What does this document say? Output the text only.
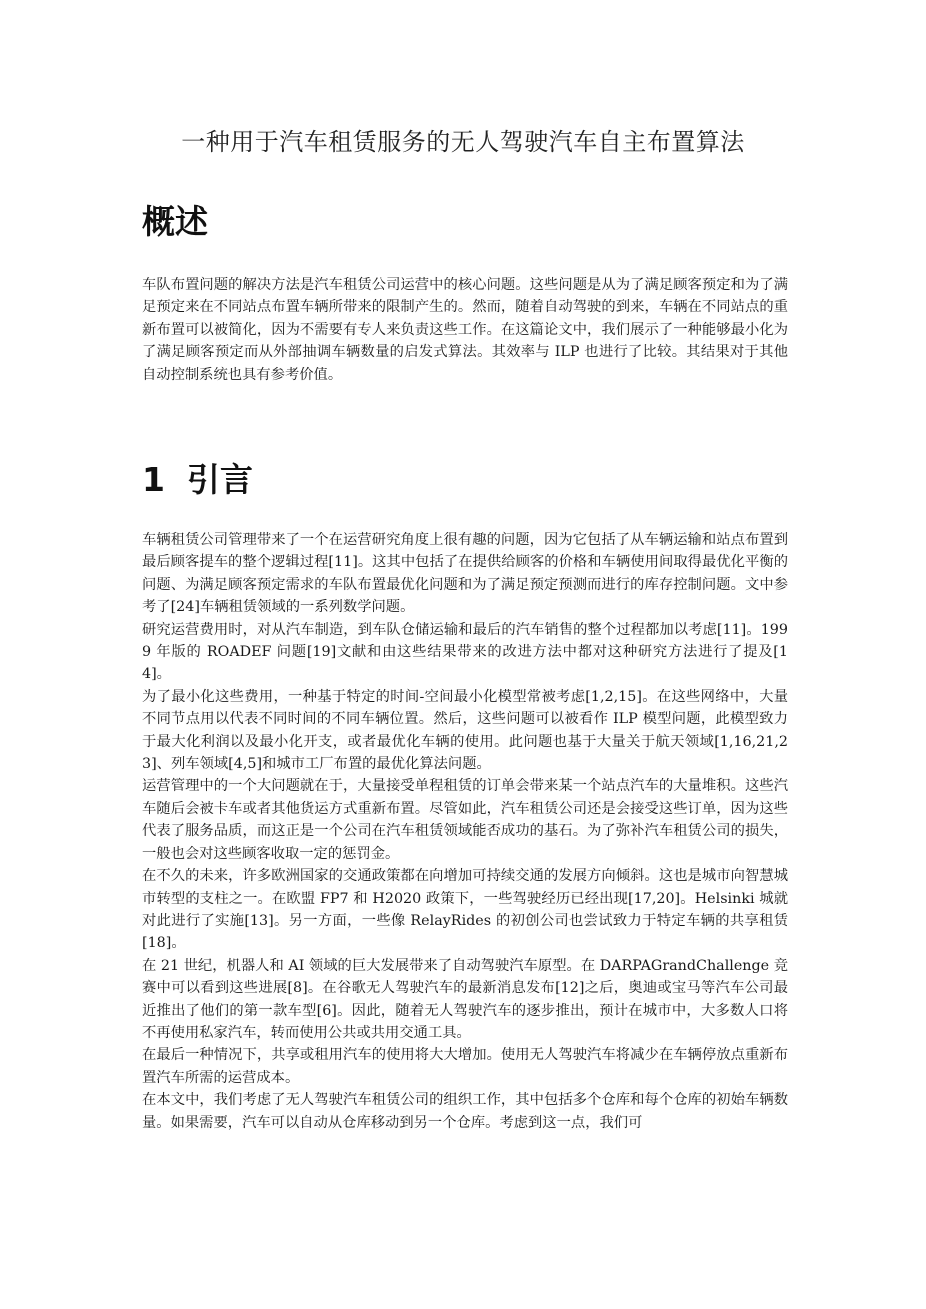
一种用于汽车租赁服务的无人驾驶汽车自主布置算法
概述

车队布置问题的解决方法是汽车租赁公司运营中的核心问题。这些问题是从为了满足顾客预定和为了满足预定来在不同站点布置车辆所带来的限制产生的。然而，随着自动驾驶的到来，车辆在不同站点的重新布置可以被简化，因为不需要有专人来负责这些工作。在这篇论文中，我们展示了一种能够最小化为了满足顾客预定而从外部抽调车辆数量的启发式算法。其效率与 ILP 也进行了比较。其结果对于其他自动控制系统也具有参考价值。

1 引言

车辆租赁公司管理带来了一个在运营研究角度上很有趣的问题，因为它包括了从车辆运输和站点布置到最后顾客提车的整个逻辑过程[11]。这其中包括了在提供给顾客的价格和车辆使用间取得最优化平衡的问题、为满足顾客预定需求的车队布置最优化问题和为了满足预定预测而进行的库存控制问题。文中参考了[24]车辆租赁领域的一系列数学问题。

研究运营费用时，对从汽车制造，到车队仓储运输和最后的汽车销售的整个过程都加以考虑[11]。1999 年版的 ROADEF 问题[19]文献和由这些结果带来的改进方法中都对这种研究方法进行了提及[14]。

为了最小化这些费用，一种基于特定的时间-空间最小化模型常被考虑[1,2,15]。在这些网络中，大量不同节点用以代表不同时间的不同车辆位置。然后，这些问题可以被看作 ILP 模型问题，此模型致力于最大化利润以及最小化开支，或者最优化车辆的使用。此问题也基于大量关于航天领域[1,16,21,23]、列车领域[4,5]和城市工厂布置的最优化算法问题。

运营管理中的一个大问题就在于，大量接受单程租赁的订单会带来某一个站点汽车的大量堆积。这些汽车随后会被卡车或者其他货运方式重新布置。尽管如此，汽车租赁公司还是会接受这些订单，因为这些代表了服务品质，而这正是一个公司在汽车租赁领域能否成功的基石。为了弥补汽车租赁公司的损失，一般也会对这些顾客收取一定的惩罚金。

在不久的未来，许多欧洲国家的交通政策都在向增加可持续交通的发展方向倾斜。这也是城市向智慧城市转型的支柱之一。在欧盟 FP7 和 H2020 政策下，一些驾驶经历已经出现[17,20]。Helsinki 城就对此进行了实施[13]。另一方面，一些像 RelayRides 的初创公司也尝试致力于特定车辆的共享租赁[18]。

在 21 世纪，机器人和 AI 领域的巨大发展带来了自动驾驶汽车原型。在 DARPAGrandChallenge 竞赛中可以看到这些进展[8]。在谷歌无人驾驶汽车的最新消息发布[12]之后，奥迪或宝马等汽车公司最近推出了他们的第一款车型[6]。因此，随着无人驾驶汽车的逐步推出，预计在城市中，大多数人口将不再使用私家汽车，转而使用公共或共用交通工具。

在最后一种情况下，共享或租用汽车的使用将大大增加。使用无人驾驶汽车将减少在车辆停放点重新布置汽车所需的运营成本。

在本文中，我们考虑了无人驾驶汽车租赁公司的组织工作，其中包括多个仓库和每个仓库的初始车辆数量。如果需要，汽车可以自动从仓库移动到另一个仓库。考虑到这一点，我们可
